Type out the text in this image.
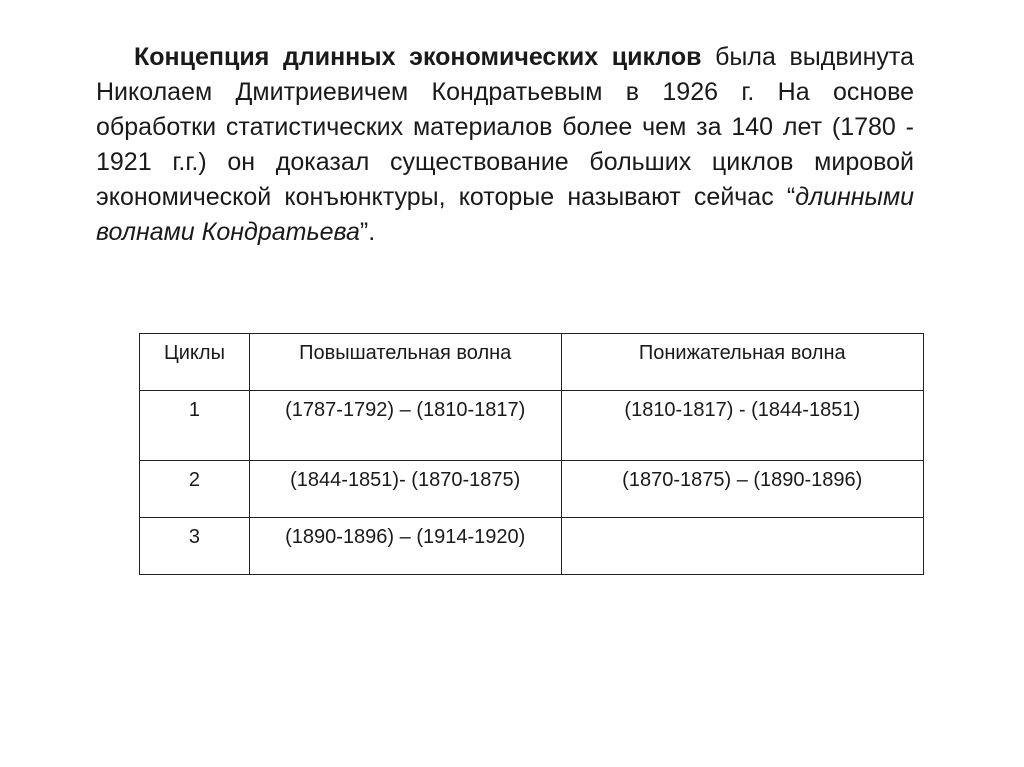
Концепция длинных экономических циклов была выдвинута Николаем Дмитриевичем Кондратьевым в 1926 г. На основе обработки статистических материалов более чем за 140 лет (1780 - 1921 г.г.) он доказал существование больших циклов мировой экономической конъюнктуры, которые называют сейчас “длинными волнами Кондратьева”.

Циклы	Повышательная волна	Понижательная волна
1	(1787-1792) – (1810-1817)	(1810-1817) - (1844-1851)
2	(1844-1851)- (1870-1875)	(1870-1875) – (1890-1896)
3	(1890-1896) – (1914-1920)	
